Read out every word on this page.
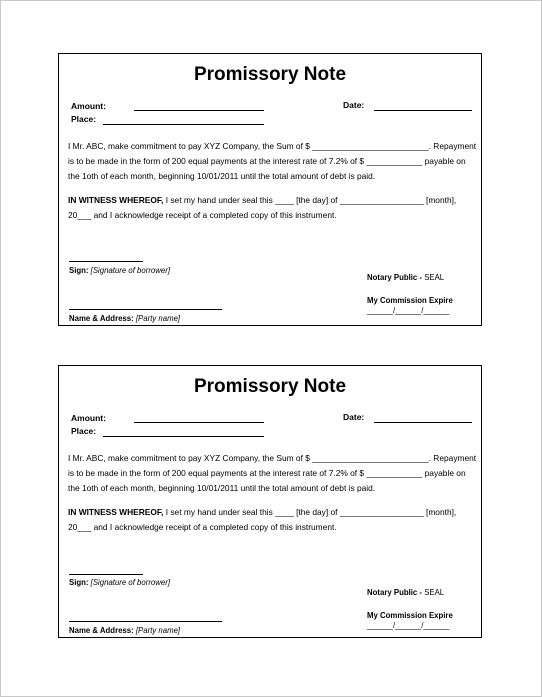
Promissory Note
Amount:	Date:
Place:

I Mr. ABC, make commitment to pay XYZ Company, the Sum of $ _________________________. Repayment is to be made in the form of 200 equal payments at the interest rate of 7.2% of $ ____________ payable on the 1oth of each month, beginning 10/01/2011 until the total amount of debt is paid.

IN WITNESS WHEREOF, I set my hand under seal this ____ [the day] of __________________ [month], 20___ and I acknowledge receipt of a completed copy of this instrument.

Sign: [Signature of borrower]
Notary Public - SEAL
My Commission Expire
______/______/______
Name & Address: [Party name]
Promissory Note
Amount:	Date:
Place:

I Mr. ABC, make commitment to pay XYZ Company, the Sum of $ _________________________. Repayment is to be made in the form of 200 equal payments at the interest rate of 7.2% of $ ____________ payable on the 1oth of each month, beginning 10/01/2011 until the total amount of debt is paid.

IN WITNESS WHEREOF, I set my hand under seal this ____ [the day] of __________________ [month], 20___ and I acknowledge receipt of a completed copy of this instrument.

Sign: [Signature of borrower]
Notary Public - SEAL
My Commission Expire
______/______/______
Name & Address: [Party name]
